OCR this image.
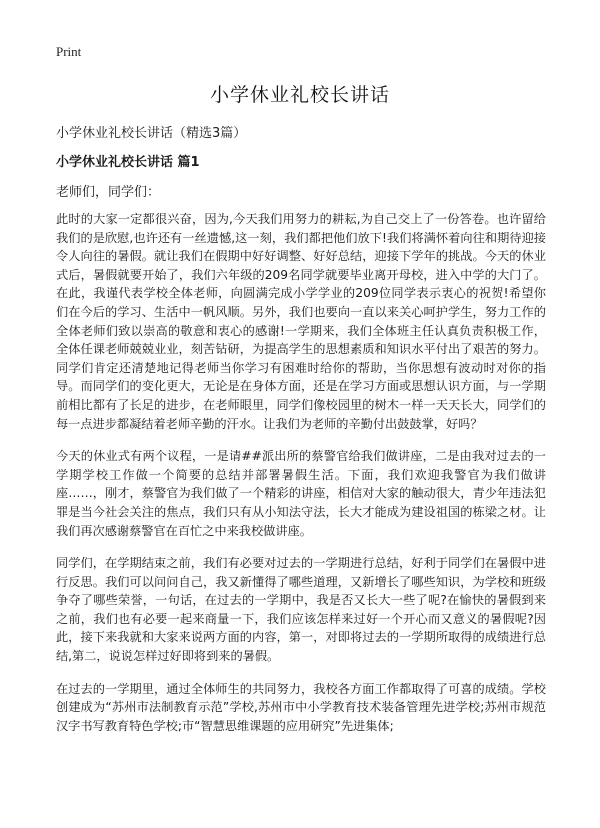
Print
小学休业礼校长讲话
小学休业礼校长讲话（精选3篇）
小学休业礼校长讲话 篇1
老师们，同学们：

此时的大家一定都很兴奋，因为,今天我们用努力的耕耘,为自己交上了一份答卷。也许留给我们的是欣慰,也许还有一丝遗憾,这一刻，我们都把他们放下!我们将满怀着向往和期待迎接令人向往的暑假。就让我们在假期中好好调整、好好总结，迎接下学年的挑战。今天的休业式后，暑假就要开始了，我们六年级的209名同学就要毕业离开母校，进入中学的大门了。在此，我谨代表学校全体老师，向圆满完成小学学业的209位同学表示衷心的祝贺!希望你们在今后的学习、生活中一帆风顺。另外，我们也要向一直以来关心呵护学生，努力工作的全体老师们致以崇高的敬意和衷心的感谢!一学期来，我们全体班主任认真负责积极工作，全体任课老师兢兢业业，刻苦钻研，为提高学生的思想素质和知识水平付出了艰苦的努力。同学们肯定还清楚地记得老师当你学习有困难时给你的帮助，当你思想有波动时对你的指导。而同学们的变化更大，无论是在身体方面，还是在学习方面或思想认识方面，与一学期前相比都有了长足的进步，在老师眼里，同学们像校园里的树木一样一天天长大，同学们的每一点进步都凝结着老师辛勤的汗水。让我们为老师的辛勤付出鼓鼓掌，好吗？

今天的休业式有两个议程，一是请##派出所的蔡警官给我们做讲座，二是由我对过去的一学期学校工作做一个简要的总结并部署暑假生活。下面，我们欢迎我警官为我们做讲座……，刚才，蔡警官为我们做了一个精彩的讲座，相信对大家的触动很大，青少年违法犯罪是当今社会关注的焦点，我们只有从小知法守法，长大才能成为建设祖国的栋梁之材。让我们再次感谢蔡警官在百忙之中来我校做讲座。

同学们，在学期结束之前，我们有必要对过去的一学期进行总结，好利于同学们在暑假中进行反思。我们可以问问自己，我又新懂得了哪些道理，又新增长了哪些知识，为学校和班级争夺了哪些荣誉，一句话，在过去的一学期中，我是否又长大一些了呢?在愉快的暑假到来之前，我们也有必要一起来商量一下，我们应该怎样来过好一个开心而又意义的暑假呢?因此，接下来我就和大家来说两方面的内容，第一，对即将过去的一学期所取得的成绩进行总结,第二，说说怎样过好即将到来的暑假。

在过去的一学期里，通过全体师生的共同努力，我校各方面工作都取得了可喜的成绩。学校创建成为“苏州市法制教育示范”学校,苏州市中小学教育技术装备管理先进学校;苏州市规范汉字书写教育特色学校;市“智慧思维课题的应用研究”先进集体;
